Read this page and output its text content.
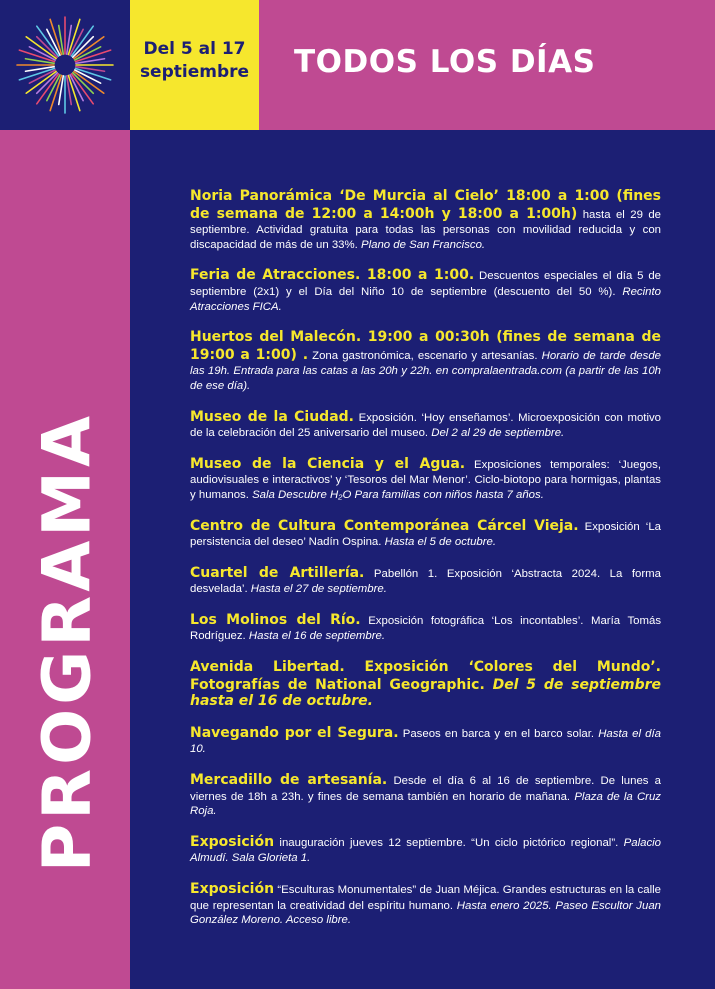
Del 5 al 17
septiembre	TODOS LOS DÍAS
PROGRAMA

Noria Panorámica ‘De Murcia al Cielo’ 18:00 a 1:00 (fines de semana de 12:00 a 14:00h y 18:00 a 1:00h) hasta el 29 de septiembre. Actividad gratuita para todas las personas con movilidad reducida y con discapacidad de más de un 33%. Plano de San Francisco.

Feria de Atracciones. 18:00 a 1:00. Descuentos especiales el día 5 de septiembre (2x1) y el Día del Niño 10 de septiembre (descuento del 50 %). Recinto Atracciones FICA.

Huertos del Malecón. 19:00 a 00:30h (fines de semana de 19:00 a 1:00) . Zona gastronómica, escenario y artesanías. Horario de tarde desde las 19h. Entrada para las catas a las 20h y 22h. en compralaentrada.com (a partir de las 10h de ese día).

Museo de la Ciudad. Exposición. ‘Hoy enseñamos’. Microexposición con motivo de la celebración del 25 aniversario del museo. Del 2 al 29 de septiembre.

Museo de la Ciencia y el Agua. Exposiciones temporales: ‘Juegos, audiovisuales e interactivos’ y ‘Tesoros del Mar Menor’. Ciclo-biotopo para hormigas, plantas y humanos. Sala Descubre H₂O Para familias con niños hasta 7 años.

Centro de Cultura Contemporánea Cárcel Vieja. Exposición ‘La persistencia del deseo’ Nadín Ospina. Hasta el 5 de octubre.

Cuartel de Artillería. Pabellón 1. Exposición ‘Abstracta 2024. La forma desvelada’. Hasta el 27 de septiembre.

Los Molinos del Río. Exposición fotográfica ‘Los incontables’. María Tomás Rodríguez. Hasta el 16 de septiembre.

Avenida Libertad. Exposición ‘Colores del Mundo’. Fotografías de National Geographic. Del 5 de septiembre hasta el 16 de octubre.

Navegando por el Segura. Paseos en barca y en el barco solar. Hasta el día 10.

Mercadillo de artesanía. Desde el día 6 al 16 de septiembre. De lunes a viernes de 18h a 23h. y fines de semana también en horario de mañana. Plaza de la Cruz Roja.

Exposición inauguración jueves 12 septiembre. “Un ciclo pictórico regional”. Palacio Almudí. Sala Glorieta 1.

Exposición “Esculturas Monumentales” de Juan Méjica. Grandes estructuras en la calle que representan la creatividad del espíritu humano. Hasta enero 2025. Paseo Escultor Juan González Moreno. Acceso libre.
